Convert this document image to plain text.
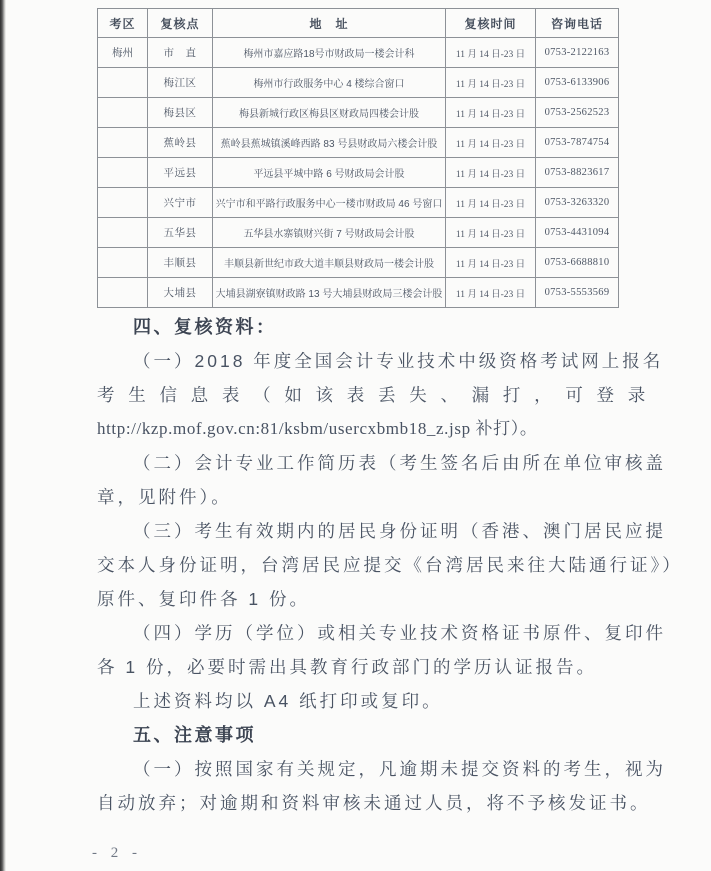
考区	复核点	地　址	复核时间	咨询电话
梅州	市　直	梅州市嘉应路18号市财政局一楼会计科	11 月 14 日-23 日	0753-2122163
	梅江区	梅州市行政服务中心 4 楼综合窗口	11 月 14 日-23 日	0753-6133906
	梅县区	梅县新城行政区梅县区财政局四楼会计股	11 月 14 日-23 日	0753-2562523
	蕉岭县	蕉岭县蕉城镇溪峰西路 83 号县财政局六楼会计股	11 月 14 日-23 日	0753-7874754
	平远县	平远县平城中路 6 号财政局会计股	11 月 14 日-23 日	0753-8823617
	兴宁市	兴宁市和平路行政服务中心一楼市财政局 46 号窗口	11 月 14 日-23 日	0753-3263320
	五华县	五华县水寨镇财兴街 7 号财政局会计股	11 月 14 日-23 日	0753-4431094
	丰顺县	丰顺县新世纪市政大道丰顺县财政局一楼会计股	11 月 14 日-23 日	0753-6688810
	大埔县	大埔县湖寮镇财政路 13 号大埔县财政局三楼会计股	11 月 14 日-23 日	0753-5553569
四、复核资料：
（一）2018 年度全国会计专业技术中级资格考试网上报名
考生信息表（如该表丢失、漏打，可登录
http://kzp.mof.gov.cn:81/ksbm/usercxbmb18_z.jsp 补打）。
（二）会计专业工作简历表（考生签名后由所在单位审核盖
章，见附件）。
（三）考生有效期内的居民身份证明（香港、澳门居民应提
交本人身份证明，台湾居民应提交《台湾居民来往大陆通行证》）
原件、复印件各 1 份。
（四）学历（学位）或相关专业技术资格证书原件、复印件
各 1 份，必要时需出具教育行政部门的学历认证报告。
上述资料均以 A4 纸打印或复印。
五、注意事项
（一）按照国家有关规定，凡逾期未提交资料的考生，视为
自动放弃；对逾期和资料审核未通过人员，将不予核发证书。
- 2 -
